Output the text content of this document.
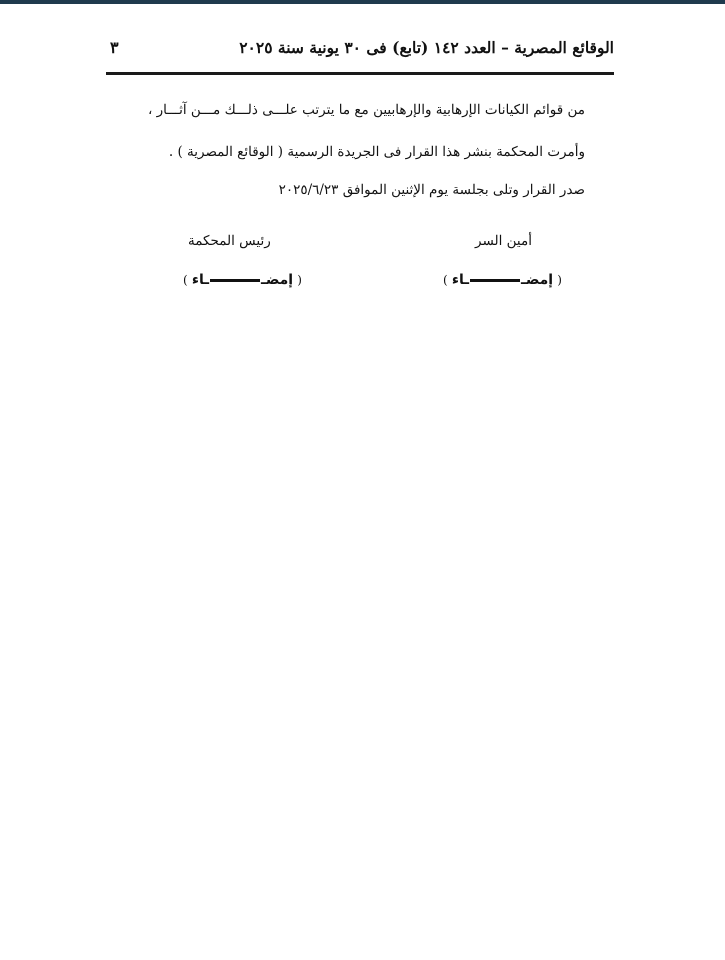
الوقائع المصرية – العدد ١٤٢ (تابع) فى ٣٠ يونية سنة ٢٠٢٥
٣
من قوائم الكيانات الإرهابية والإرهابيين مع ما يترتب علـــى ذلـــك مـــن آثـــار ،
وأمرت المحكمة بنشر هذا القرار فى الجريدة الرسمية ( الوقائع المصرية ) .
صدر القرار وتلى بجلسة يوم الإثنين الموافق ٢٠٢٥/٦/٢٣
أمين السر
رئيس المحكمة
( إمضــاء )
( إمضــاء )
